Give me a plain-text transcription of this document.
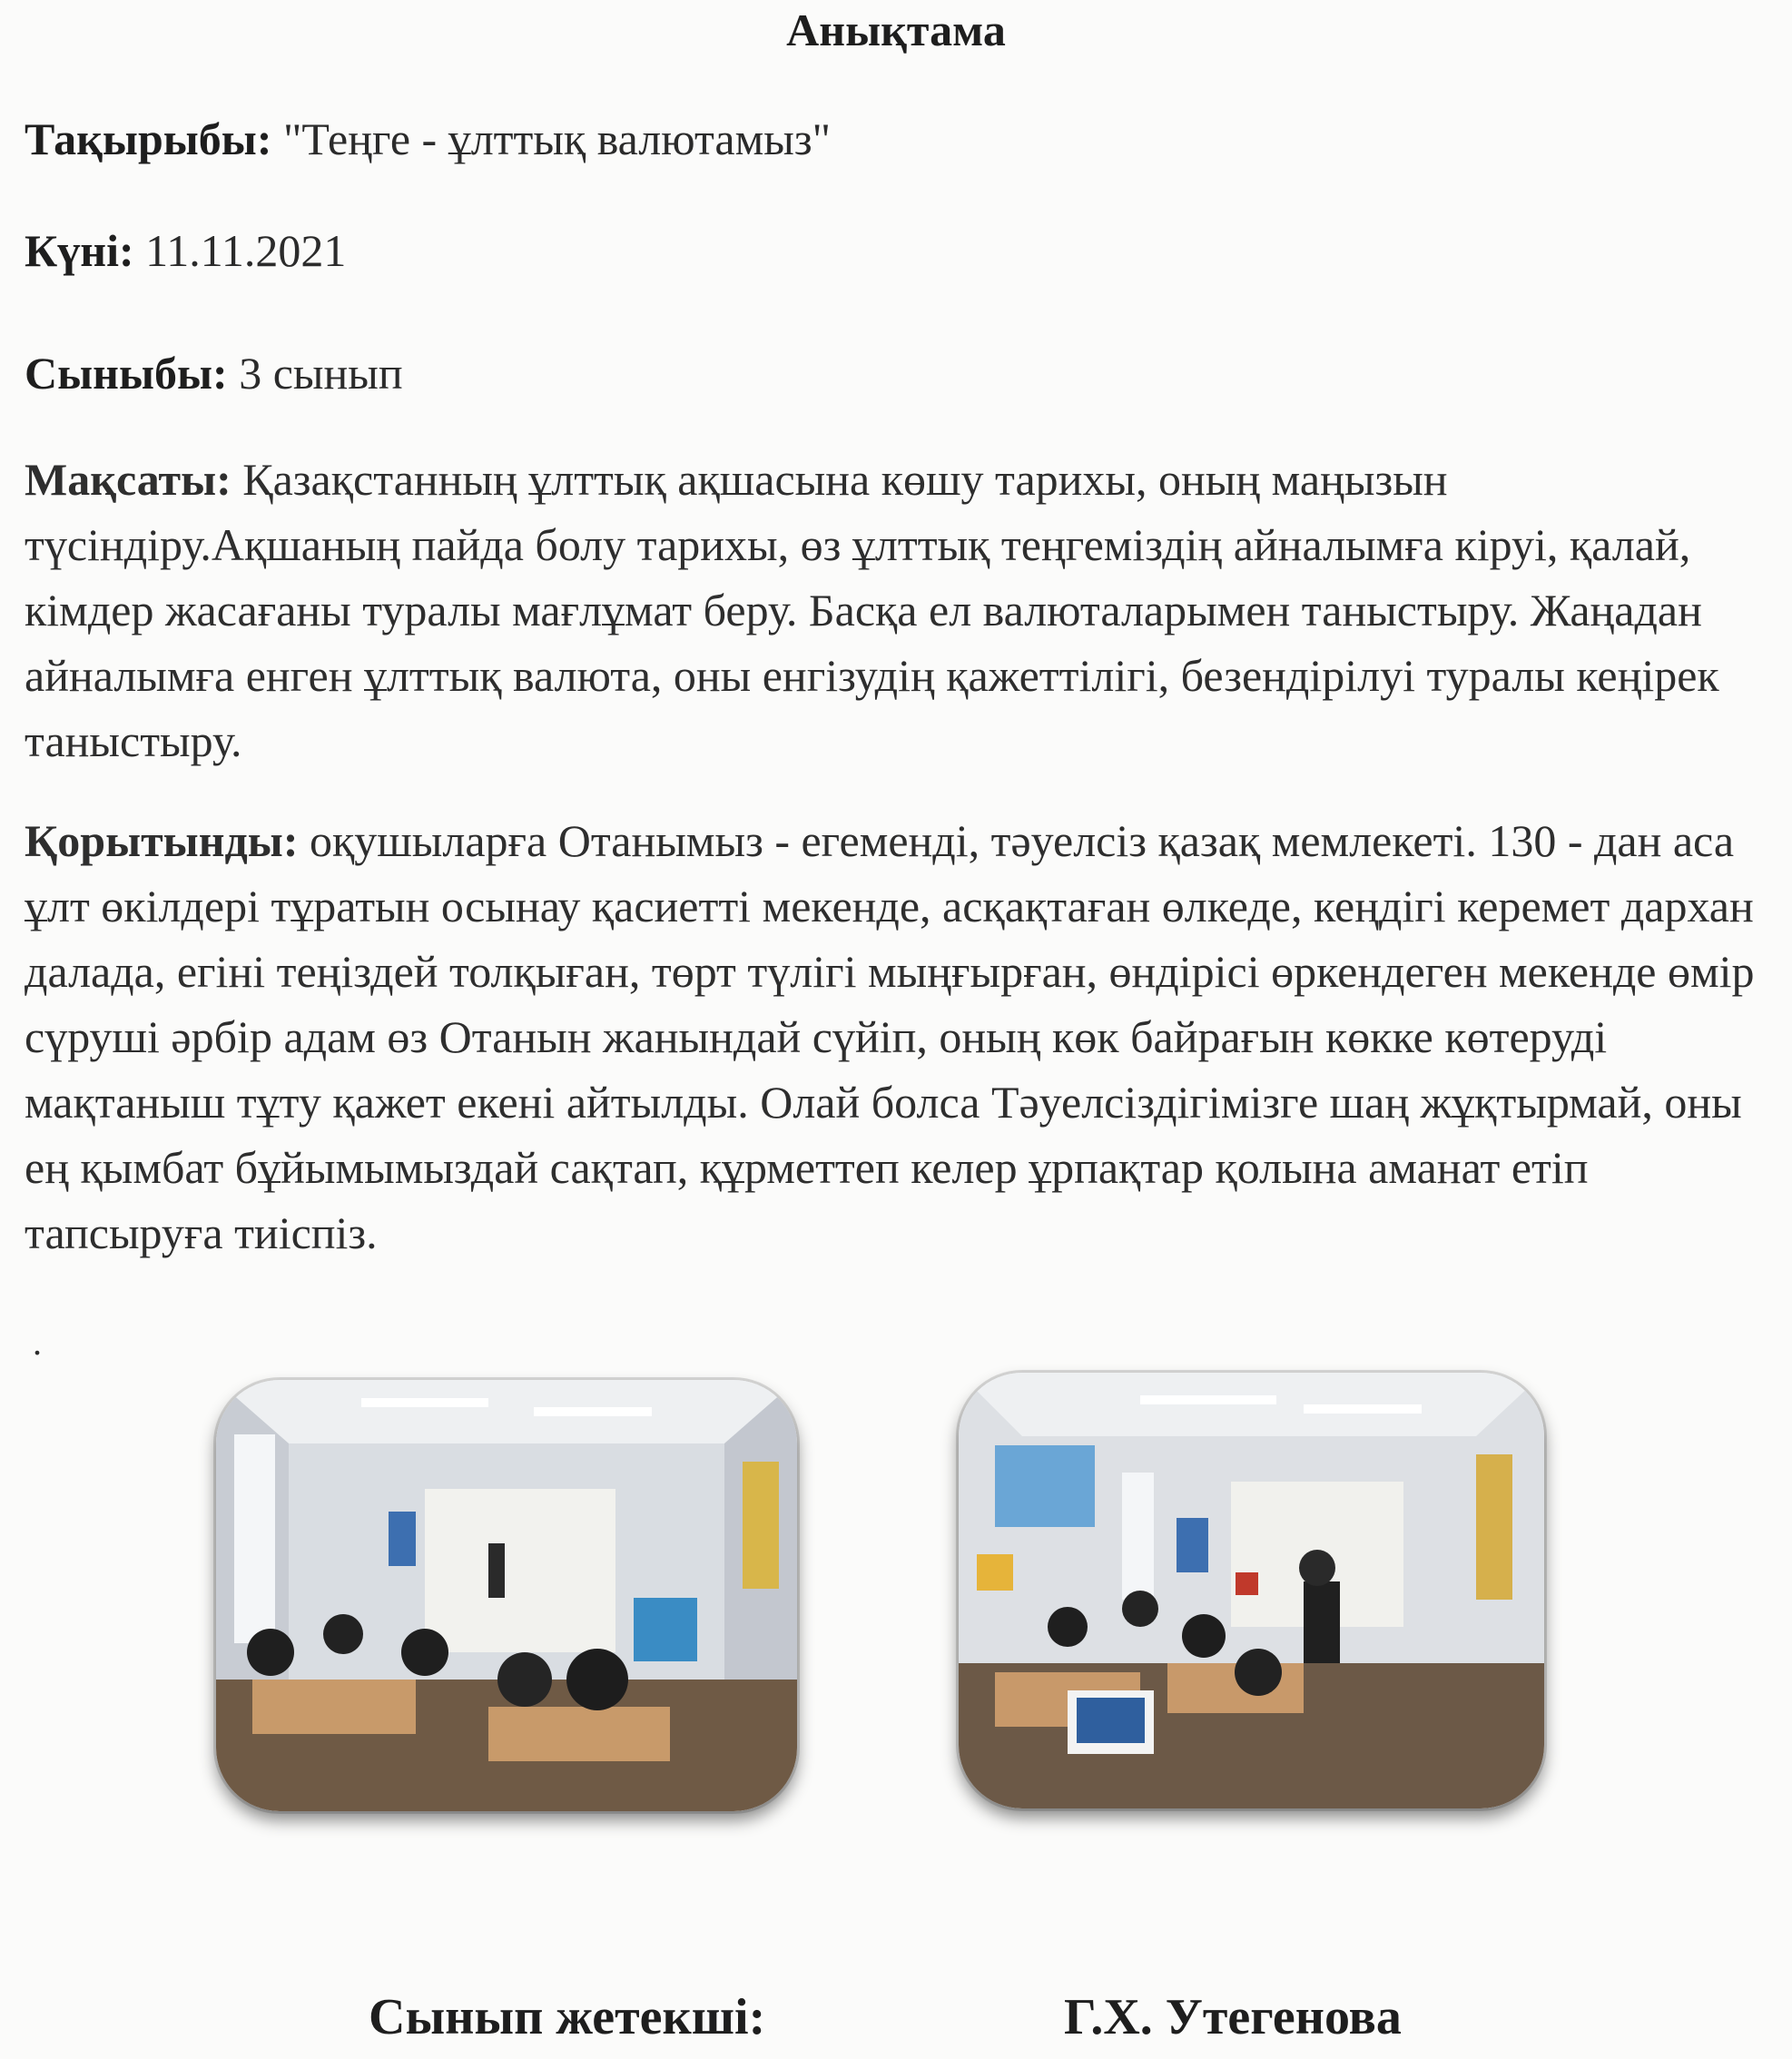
Анықтама
Тақырыбы: "Теңге - ұлттық валютамыз"
Күні: 11.11.2021
Сыныбы: 3 сынып
Мақсаты: Қазақстанның ұлттық ақшасына көшу тарихы, оның маңызын түсіндіру.Ақшаның пайда болу тарихы, өз ұлттық теңгеміздің айналымға кіруі, қалай, кімдер жасағаны туралы мағлұмат беру. Басқа ел валюталарымен таныстыру. Жаңадан айналымға енген ұлттық валюта, оны енгізудің қажеттілігі, безендірілуі туралы кеңірек таныстыру.
Қорытынды: оқушыларға Отанымыз - егеменді, тәуелсіз қазақ мемлекеті. 130 - дан аса ұлт өкілдері тұратын осынау қасиетті мекенде, асқақтаған өлкеде, кеңдігі керемет дархан далада, егіні теңіздей толқыған, төрт түлігі мыңғырған, өндірісі өркендеген мекенде өмір сүруші әрбір адам өз Отанын жанындай сүйіп, оның көк байрағын көкке көтеруді мақтаныш тұту қажет екені айтылды. Олай болса Тәуелсіздігімізге шаң жұқтырмай, оны ең қымбат бұйымымыздай сақтап, құрметтеп келер ұрпақтар қолына аманат етіп тапсыруға тиіспіз.
.
Сынып жетекші:	Г.Х. Утегенова
